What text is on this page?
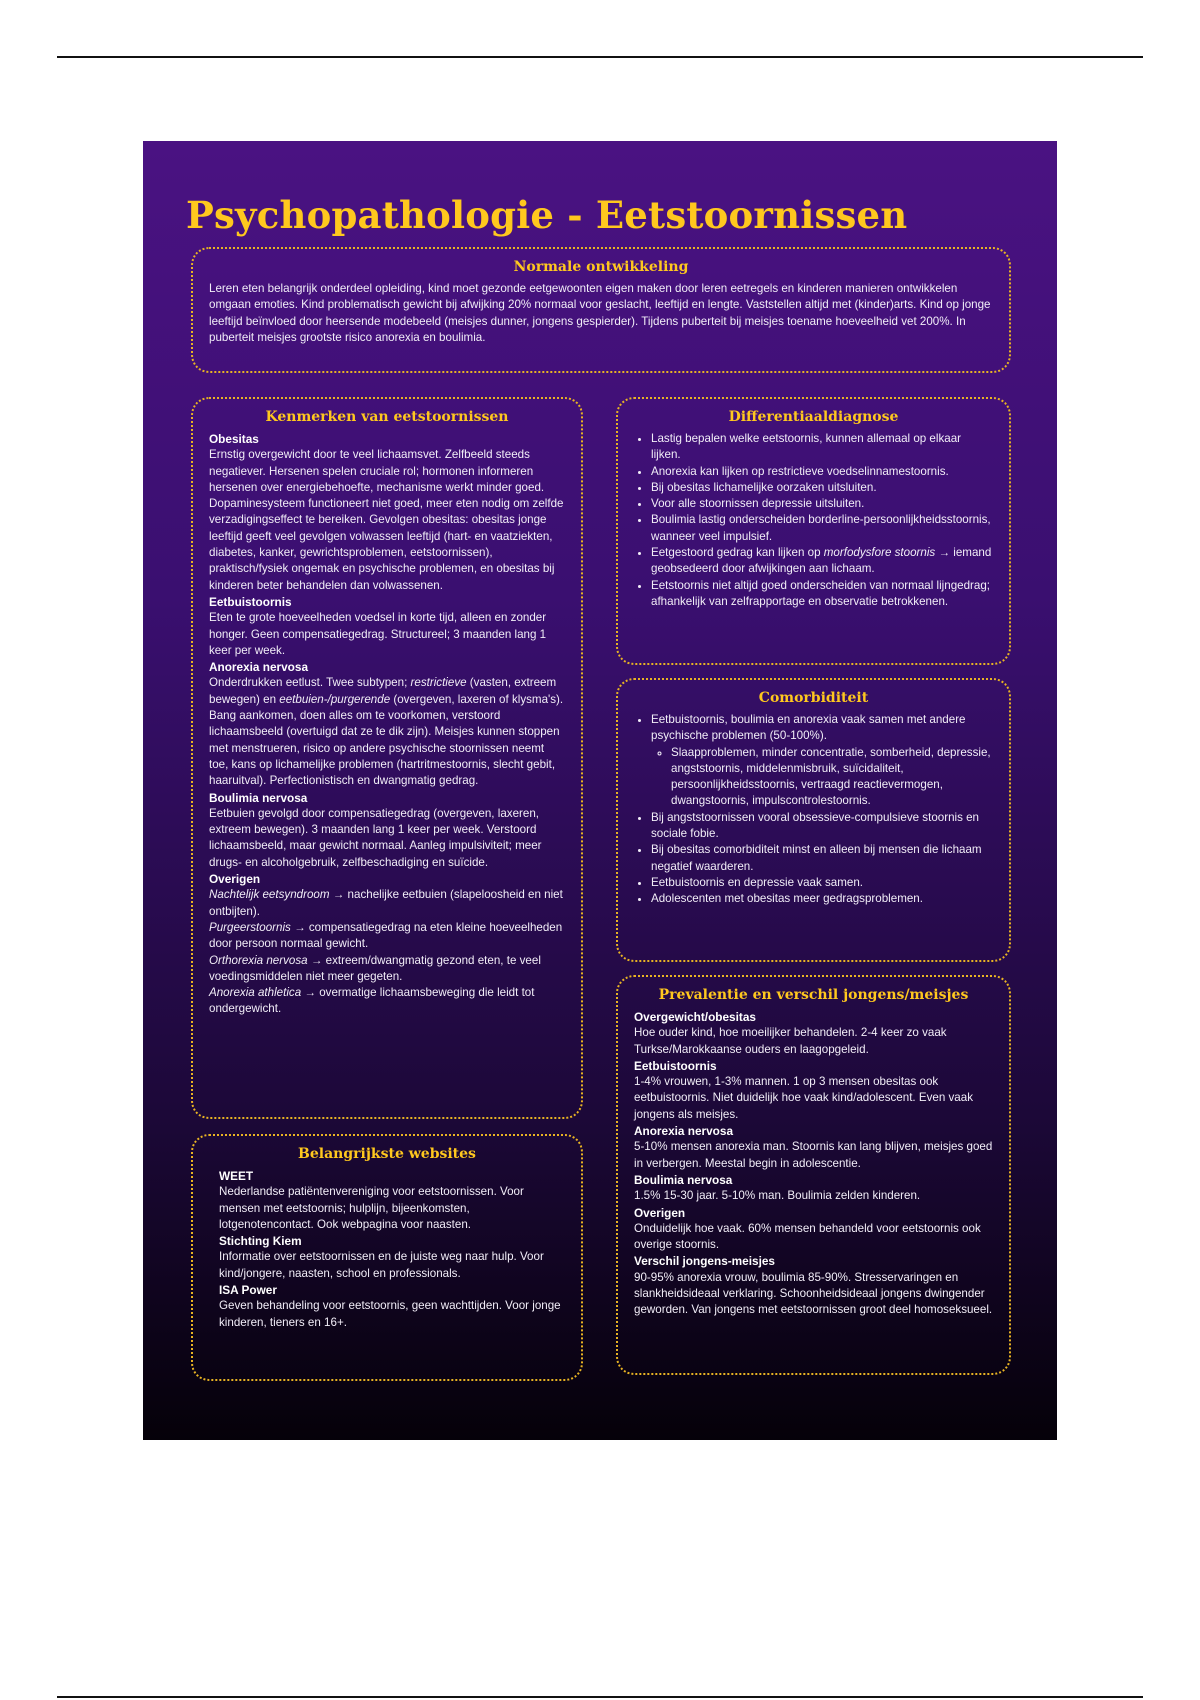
Psychopathologie - Eetstoornissen
Normale ontwikkeling

Leren eten belangrijk onderdeel opleiding, kind moet gezonde eetgewoonten eigen maken door leren eetregels en kinderen manieren ontwikkelen omgaan emoties. Kind problematisch gewicht bij afwijking 20% normaal voor geslacht, leeftijd en lengte. Vaststellen altijd met (kinder)arts. Kind op jonge leeftijd beïnvloed door heersende modebeeld (meisjes dunner, jongens gespierder). Tijdens puberteit bij meisjes toename hoeveelheid vet 200%. In puberteit meisjes grootste risico anorexia en boulimia.

Kenmerken van eetstoornissen
Obesitas

Ernstig overgewicht door te veel lichaamsvet. Zelfbeeld steeds negatiever. Hersenen spelen cruciale rol; hormonen informeren hersenen over energiebehoefte, mechanisme werkt minder goed. Dopaminesysteem functioneert niet goed, meer eten nodig om zelfde verzadigingseffect te bereiken. Gevolgen obesitas: obesitas jonge leeftijd geeft veel gevolgen volwassen leeftijd (hart- en vaatziekten, diabetes, kanker, gewrichtsproblemen, eetstoornissen), praktisch/fysiek ongemak en psychische problemen, en obesitas bij kinderen beter behandelen dan volwassenen.

Eetbuistoornis

Eten te grote hoeveelheden voedsel in korte tijd, alleen en zonder honger. Geen compensatiegedrag. Structureel; 3 maanden lang 1 keer per week.

Anorexia nervosa

Onderdrukken eetlust. Twee subtypen; restrictieve (vasten, extreem bewegen) en eetbuien-/purgerende (overgeven, laxeren of klysma's). Bang aankomen, doen alles om te voorkomen, verstoord lichaamsbeeld (overtuigd dat ze te dik zijn). Meisjes kunnen stoppen met menstrueren, risico op andere psychische stoornissen neemt toe, kans op lichamelijke problemen (hartritmestoornis, slecht gebit, haaruitval). Perfectionistisch en dwangmatig gedrag.

Boulimia nervosa

Eetbuien gevolgd door compensatiegedrag (overgeven, laxeren, extreem bewegen). 3 maanden lang 1 keer per week. Verstoord lichaamsbeeld, maar gewicht normaal. Aanleg impulsiviteit; meer drugs- en alcoholgebruik, zelfbeschadiging en suïcide.

Overigen

Nachtelijk eetsyndroom → nachelijke eetbuien (slapeloosheid en niet ontbijten).
Purgeerstoornis → compensatiegedrag na eten kleine hoeveelheden door persoon normaal gewicht.
Orthorexia nervosa → extreem/dwangmatig gezond eten, te veel voedingsmiddelen niet meer gegeten.
Anorexia athletica → overmatige lichaamsbeweging die leidt tot ondergewicht.

Belangrijkste websites
WEET

Nederlandse patiëntenvereniging voor eetstoornissen. Voor mensen met eetstoornis; hulplijn, bijeenkomsten, lotgenotencontact. Ook webpagina voor naasten.

Stichting Kiem

Informatie over eetstoornissen en de juiste weg naar hulp. Voor kind/jongere, naasten, school en professionals.

ISA Power

Geven behandeling voor eetstoornis, geen wachttijden. Voor jonge kinderen, tieners en 16+.

Differentiaaldiagnose
• Lastig bepalen welke eetstoornis, kunnen allemaal op elkaar lijken.
• Anorexia kan lijken op restrictieve voedselinnamestoornis.
• Bij obesitas lichamelijke oorzaken uitsluiten.
• Voor alle stoornissen depressie uitsluiten.
• Boulimia lastig onderscheiden borderline-persoonlijkheidsstoornis, wanneer veel impulsief.
• Eetgestoord gedrag kan lijken op morfodysfore stoornis → iemand geobsedeerd door afwijkingen aan lichaam.
• Eetstoornis niet altijd goed onderscheiden van normaal lijngedrag; afhankelijk van zelfrapportage en observatie betrokkenen.
Comorbiditeit
• Eetbuistoornis, boulimia en anorexia vaak samen met andere psychische problemen (50-100%).
◦ Slaapproblemen, minder concentratie, somberheid, depressie, angststoornis, middelenmisbruik, suïcidaliteit, persoonlijkheidsstoornis, vertraagd reactievermogen, dwangstoornis, impulscontrolestoornis.
• Bij angststoornissen vooral obsessieve-compulsieve stoornis en sociale fobie.
• Bij obesitas comorbiditeit minst en alleen bij mensen die lichaam negatief waarderen.
• Eetbuistoornis en depressie vaak samen.
• Adolescenten met obesitas meer gedragsproblemen.
Prevalentie en verschil jongens/meisjes
Overgewicht/obesitas

Hoe ouder kind, hoe moeilijker behandelen. 2-4 keer zo vaak Turkse/Marokkaanse ouders en laagopgeleid.

Eetbuistoornis

1-4% vrouwen, 1-3% mannen. 1 op 3 mensen obesitas ook eetbuistoornis. Niet duidelijk hoe vaak kind/adolescent. Even vaak jongens als meisjes.

Anorexia nervosa

5-10% mensen anorexia man. Stoornis kan lang blijven, meisjes goed in verbergen. Meestal begin in adolescentie.

Boulimia nervosa

1.5% 15-30 jaar. 5-10% man. Boulimia zelden kinderen.

Overigen

Onduidelijk hoe vaak. 60% mensen behandeld voor eetstoornis ook overige stoornis.

Verschil jongens-meisjes

90-95% anorexia vrouw, boulimia 85-90%. Stresservaringen en slankheidsideaal verklaring. Schoonheidsideaal jongens dwingender geworden. Van jongens met eetstoornissen groot deel homoseksueel.
